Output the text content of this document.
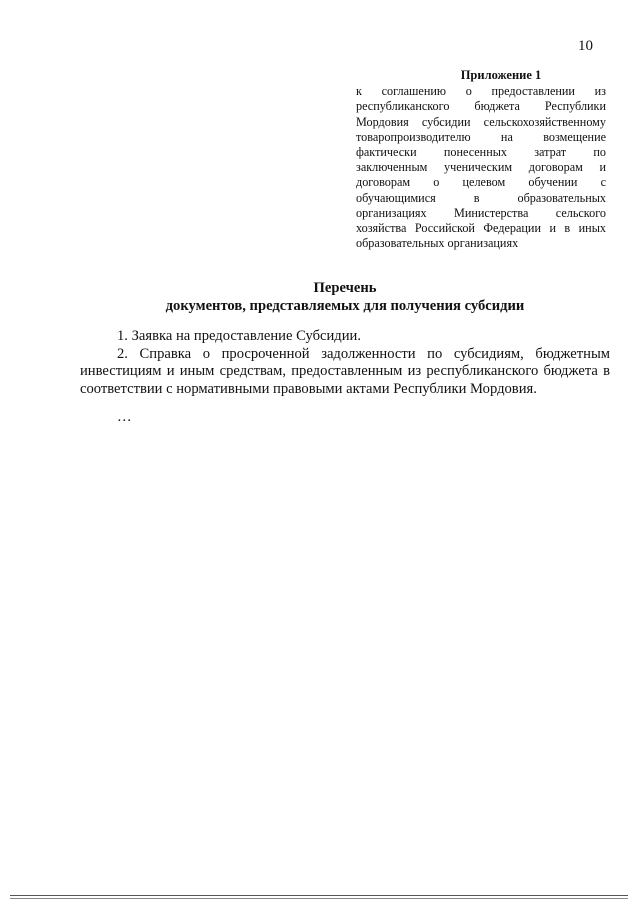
10
Приложение 1
к соглашению о предоставлении из республиканского бюджета Республики Мордовия субсидии сельскохозяйственному товаропроизводителю на возмещение фактически понесенных затрат по заключенным ученическим договорам и договорам о целевом обучении с обучающимися в образовательных организациях Министерства сельского хозяйства Российской Федерации и в иных образовательных организациях
Перечень
документов, представляемых для получения субсидии

1. Заявка на предоставление Субсидии.

2. Справка о просроченной задолженности по субсидиям, бюджетным инвестициям и иным средствам, предоставленным из республиканского бюджета в соответствии с нормативными правовыми актами Республики Мордовия.

…
